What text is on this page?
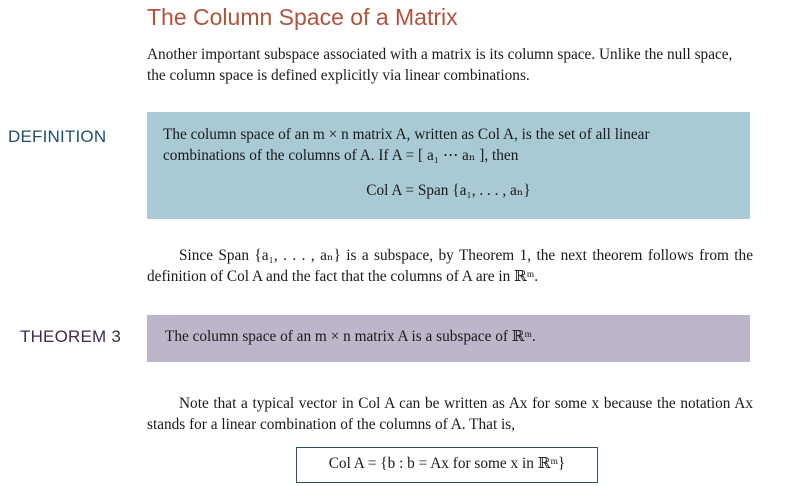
The Column Space of a Matrix
Another important subspace associated with a matrix is its column space. Unlike the null space, the column space is defined explicitly via linear combinations.
DEFINITION	The column space of an m × n matrix A, written as Col A, is the set of all linear
combinations of the columns of A. If A = [ a₁ ⋯ aₙ ], then
Col A = Span {a₁, . . . , aₙ}
Since Span {a₁, . . . , aₙ} is a subspace, by Theorem 1, the next theorem follows from the definition of Col A and the fact that the columns of A are in ℝᵐ.
THEOREM 3	The column space of an m × n matrix A is a subspace of ℝᵐ.
Note that a typical vector in Col A can be written as Ax for some x because the notation Ax stands for a linear combination of the columns of A. That is,
Col A = {b : b = Ax for some x in ℝᵐ}
